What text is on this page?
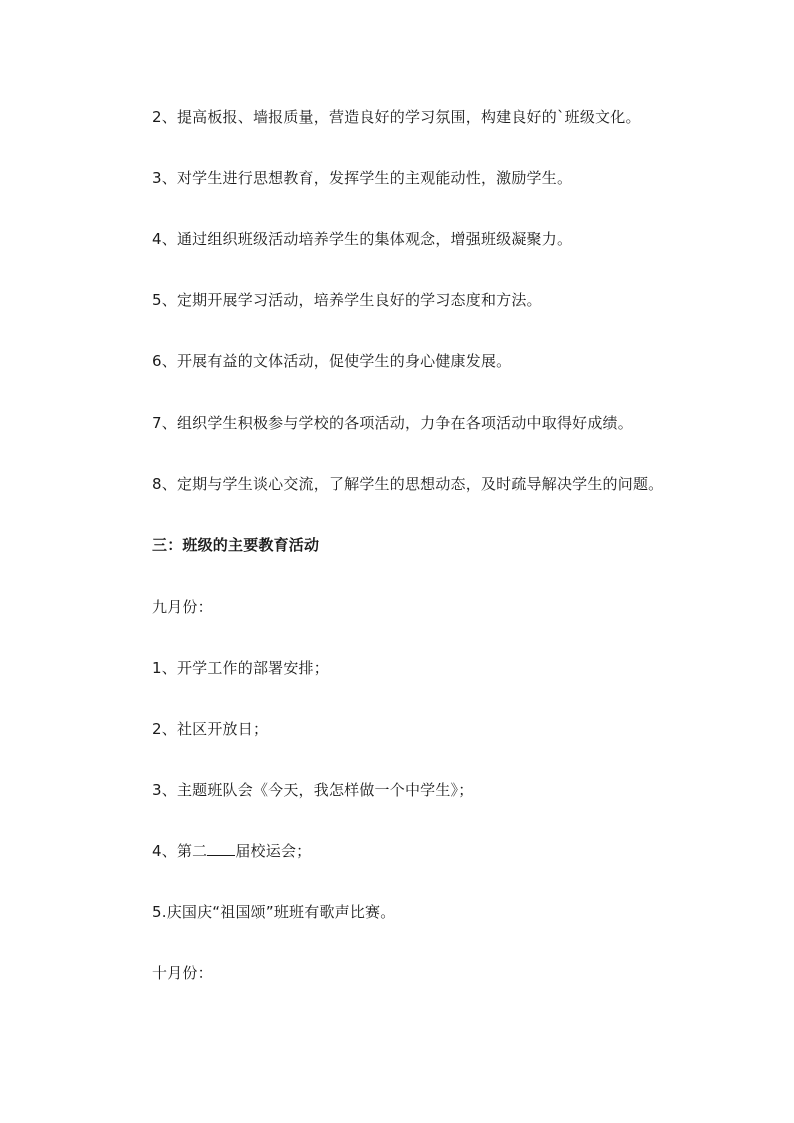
2、提高板报、墙报质量，营造良好的学习氛围，构建良好的`班级文化。
3、对学生进行思想教育，发挥学生的主观能动性，激励学生。
4、通过组织班级活动培养学生的集体观念，增强班级凝聚力。
5、定期开展学习活动，培养学生良好的学习态度和方法。
6、开展有益的文体活动，促使学生的身心健康发展。
7、组织学生积极参与学校的各项活动，力争在各项活动中取得好成绩。
8、定期与学生谈心交流，了解学生的思想动态，及时疏导解决学生的问题。
三：班级的主要教育活动
九月份：
1、开学工作的部署安排；
2、社区开放日；
3、主题班队会《今天，我怎样做一个中学生》；
4、第二 届校运会；
5.庆国庆“祖国颂”班班有歌声比赛。
十月份：
